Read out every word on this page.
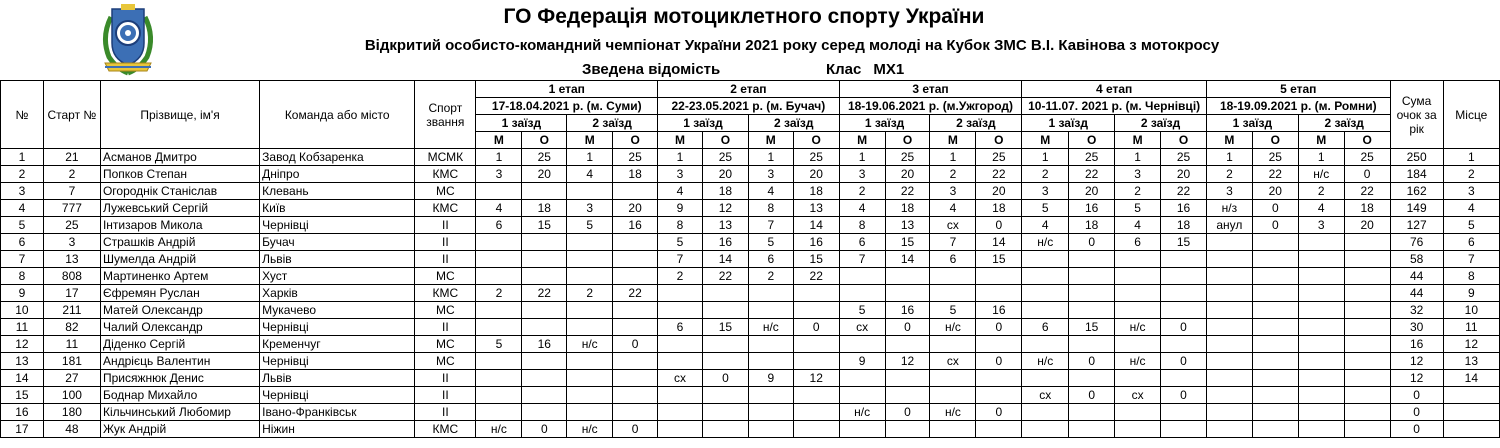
ГО Федерація мотоциклетного спорту України
Відкритий особисто-командний чемпіонат України 2021 року серед молоді на Кубок ЗМС В.І. Кавінова з мотокросу
Зведена відомість	Клас MX1
№	Старт №	Прізвище, ім'я	Команда або місто	Спорт звання	1 етап				2 етап				3 етап				4 етап				5 етап				Сума очок за рік	Місце
					17-18.04.2021 р. (м. Суми)				22-23.05.2021 р. (м. Бучач)				18-19.06.2021 р. (м.Ужгород)				10-11.07. 2021 р. (м. Чернівці)				18-19.09.2021 р. (м. Ромни)					
					1 заїзд		2 заїзд		1 заїзд		2 заїзд		1 заїзд		2 заїзд		1 заїзд		2 заїзд		1 заїзд		2 заїзд			
					М	О	М	О	М	О	М	О	М	О	М	О	М	О	М	О	М	О	М	О		
1	21	Асманов Дмитро	Завод Кобзаренка	МСМК	1	25	1	25	1	25	1	25	1	25	1	25	1	25	1	25	1	25	1	25	250	1
2	2	Попков Степан	Дніпро	КМС	3	20	4	18	3	20	3	20	3	20	2	22	2	22	3	20	2	22	н/с	0	184	2
3	7	Огороднік Станіслав	Клевань	МС					4	18	4	18	2	22	3	20	3	20	2	22	3	20	2	22	162	3
4	777	Лужевський Сергій	Київ	КМС	4	18	3	20	9	12	8	13	4	18	4	18	5	16	5	16	н/з	0	4	18	149	4
5	25	Інтизаров Микола	Чернівці	ІІ	6	15	5	16	8	13	7	14	8	13	сх	0	4	18	4	18	анул	0	3	20	127	5
6	3	Страшків Андрій	Бучач	ІІ					5	16	5	16	6	15	7	14	н/с	0	6	15					76	6
7	13	Шумелда Андрій	Львів	ІІ					7	14	6	15	7	14	6	15									58	7
8	808	Мартиненко Артем	Хуст	МС					2	22	2	22													44	8
9	17	Єфремян Руслан	Харків	КМС	2	22	2	22																	44	9
10	211	Матей Олександр	Мукачево	МС									5	16	5	16									32	10
11	82	Чалий Олександр	Чернівці	ІІ					6	15	н/с	0	сх	0	н/с	0	6	15	н/с	0					30	11
12	11	Діденко Сергій	Кременчуг	МС	5	16	н/с	0																	16	12
13	181	Андрієць Валентин	Чернівці	МС									9	12	сх	0	н/с	0	н/с	0					12	13
14	27	Присяжнюк Денис	Львів	ІІ					сх	0	9	12													12	14
15	100	Боднар Михайло	Чернівці	ІІ													сх	0	сх	0					0	
16	180	Кільчинський Любомир	Івано-Франківськ	ІІ									н/с	0	н/с	0									0	
17	48	Жук Андрій	Ніжин	КМС	н/с	0	н/с	0																	0	
